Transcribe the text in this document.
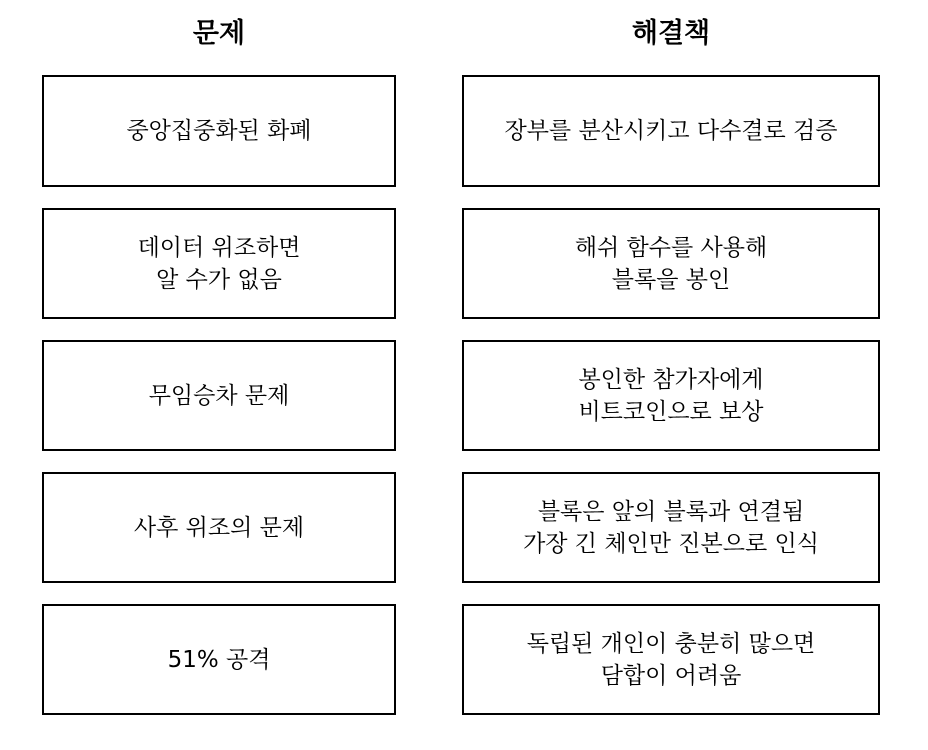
문제	해결책
중앙집중화된 화폐	장부를 분산시키고 다수결로 검증
데이터 위조하면
알 수가 없음
해쉬 함수를 사용해
블록을 봉인
무임승차 문제
봉인한 참가자에게
비트코인으로 보상
사후 위조의 문제
블록은 앞의 블록과 연결됨
가장 긴 체인만 진본으로 인식
51% 공격
독립된 개인이 충분히 많으면
담합이 어려움
